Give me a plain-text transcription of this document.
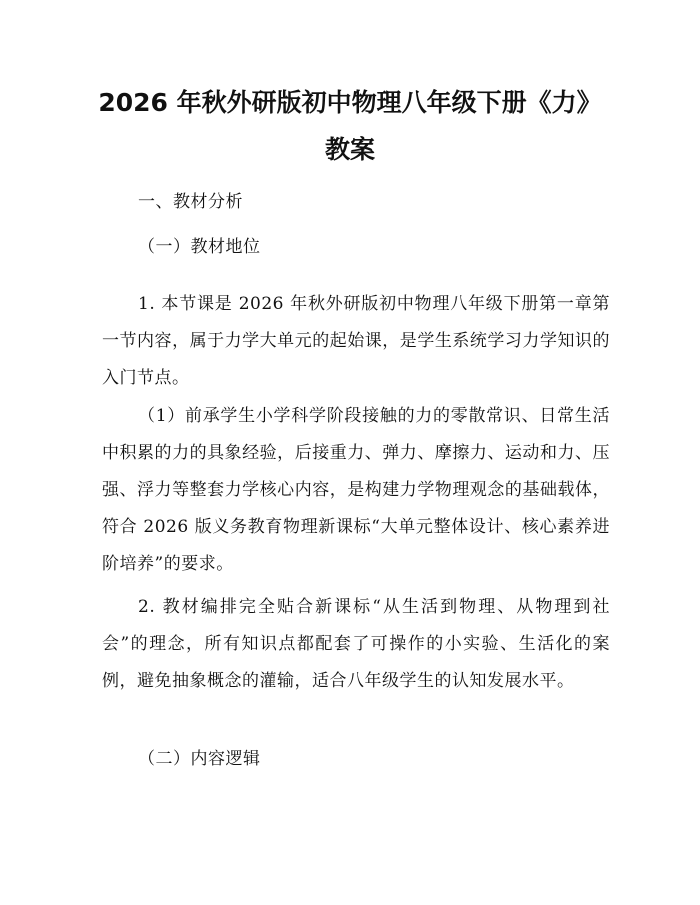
2026 年秋外研版初中物理八年级下册《力》
教案

一、教材分析

（一）教材地位

1. 本节课是 2026 年秋外研版初中物理八年级下册第一章第一节内容，属于力学大单元的起始课，是学生系统学习力学知识的入门节点。

（1）前承学生小学科学阶段接触的力的零散常识、日常生活中积累的力的具象经验，后接重力、弹力、摩擦力、运动和力、压强、浮力等整套力学核心内容，是构建力学物理观念的基础载体，符合 2026 版义务教育物理新课标“大单元整体设计、核心素养进阶培养”的要求。

2. 教材编排完全贴合新课标“从生活到物理、从物理到社会”的理念，所有知识点都配套了可操作的小实验、生活化的案例，避免抽象概念的灌输，适合八年级学生的认知发展水平。

（二）内容逻辑
